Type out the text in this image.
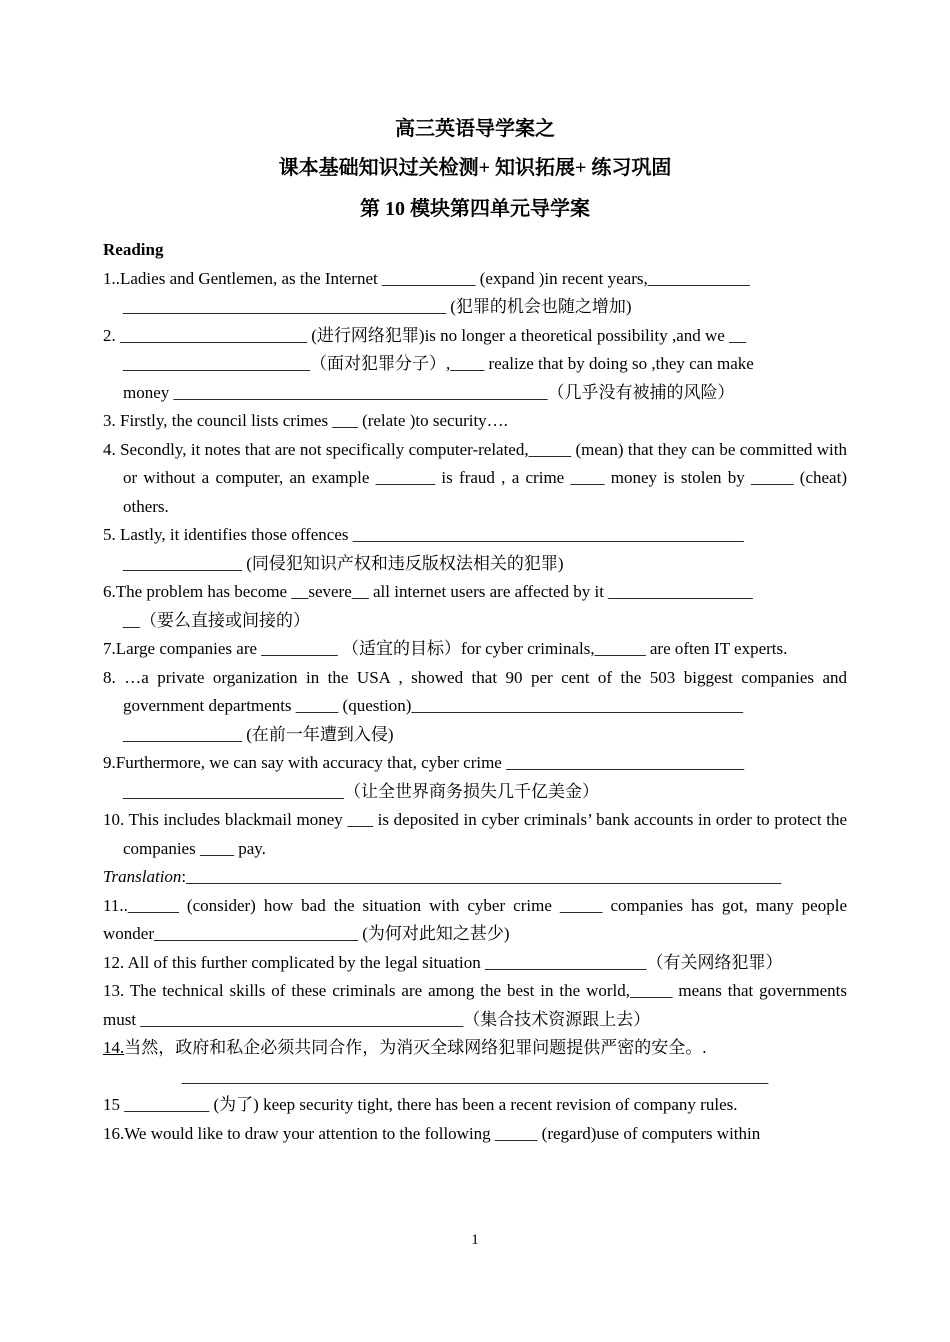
高三英语导学案之
课本基础知识过关检测+ 知识拓展+ 练习巩固
第 10 模块第四单元导学案
Reading
1..Ladies and Gentlemen, as the Internet ___________ (expand )in recent years,____________
______________________________________ (犯罪的机会也随之增加)
2. ______________________ (进行网络犯罪)is no longer a theoretical possibility ,and we __
______________________（面对犯罪分子）,____ realize that by doing so ,they can make
money ____________________________________________（几乎没有被捕的风险）
3. Firstly, the council lists crimes ___ (relate )to security….
4. Secondly, it notes that are not specifically computer-related,_____ (mean) that they can be committed with or without a computer, an example _______ is fraud , a crime ____ money is stolen by _____ (cheat) others.
5. Lastly, it identifies those offences ______________________________________________
______________ (同侵犯知识产权和违反版权法相关的犯罪)
6.The problem has become __severe__ all internet users are affected by it _________________
__（要么直接或间接的）
7.Large companies are _________ （适宜的目标）for cyber criminals,______ are often IT experts.
8. …a private organization in the USA , showed that 90 per cent of the 503 biggest companies and government departments _____ (question)_______________________________________
______________ (在前一年遭到入侵)
9.Furthermore, we can say with accuracy that, cyber crime ____________________________
__________________________（让全世界商务损失几千亿美金）
10. This includes blackmail money ___ is deposited in cyber criminals’ bank accounts in order to protect the companies ____ pay.
Translation:______________________________________________________________________
11..______ (consider) how bad the situation with cyber crime _____ companies has got, many people wonder________________________ (为何对此知之甚少)
12. All of this further complicated by the legal situation ___________________（有关网络犯罪）
13. The technical skills of these criminals are among the best in the world,_____ means that governments must ______________________________________（集合技术资源跟上去）
14.当然，政府和私企必须共同合作，为消灭全球网络犯罪问题提供严密的安全。.
_____________________________________________________________________
15 __________ (为了) keep security tight, there has been a recent revision of company rules.
16.We would like to draw your attention to the following _____ (regard)use of computers within
1
